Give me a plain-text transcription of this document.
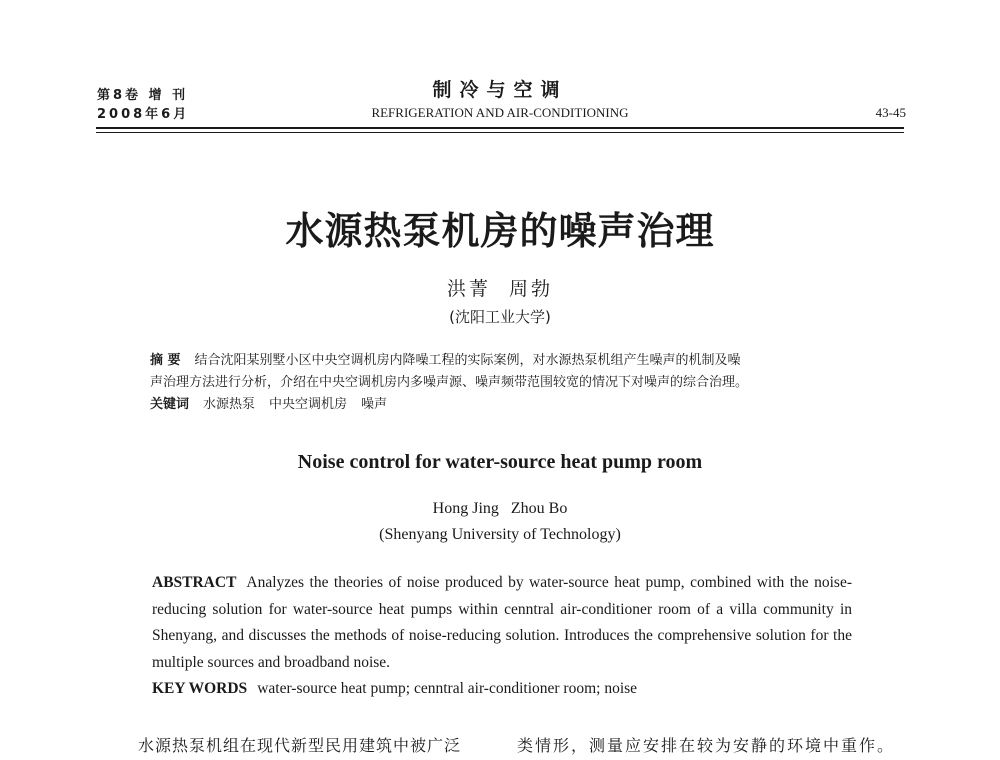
第8卷 增 刊
2008年6月
制冷与空调
REFRIGERATION AND AIR-CONDITIONING	43-45
水源热泵机房的噪声治理
洪菁 周勃
(沈阳工业大学)

摘 要 结合沈阳某别墅小区中央空调机房内降噪工程的实际案例，对水源热泵机组产生噪声的机制及噪

声治理方法进行分析，介绍在中央空调机房内多噪声源、噪声频带范围较宽的情况下对噪声的综合治理。

关键词 水源热泵 中央空调机房 噪声

Noise control for water-source heat pump room
Hong Jing Zhou Bo
(Shenyang University of Technology)

ABSTRACT Analyzes the theories of noise produced by water-source heat pump, combined with the noise-reducing solution for water-source heat pumps within cenntral air-conditioner room of a villa community in Shenyang, and discusses the methods of noise-reducing solution. Introduces the comprehensive solution for the multiple sources and broadband noise.

KEY WORDS water-source heat pump; cenntral air-conditioner room; noise

水源热泵机组在现代新型民用建筑中被广泛	类情形，测量应安排在较为安静的环境中重作。
